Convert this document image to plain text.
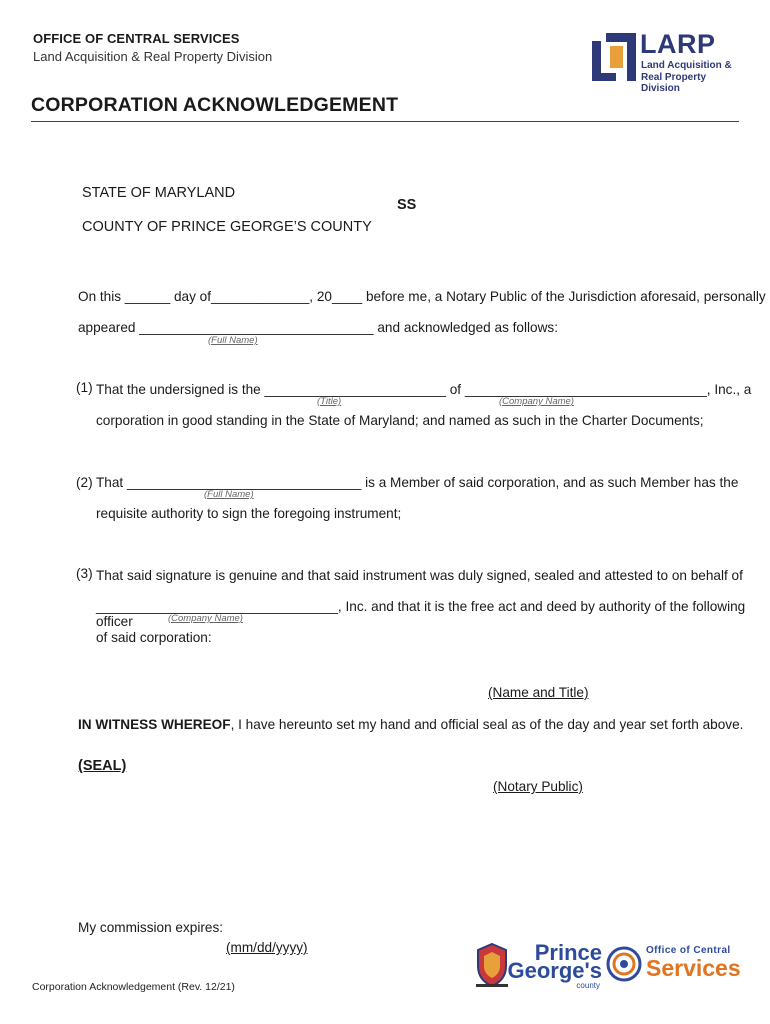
OFFICE OF CENTRAL SERVICES
Land Acquisition & Real Property Division	LARP
Land Acquisition &
Real Property Division
CORPORATION ACKNOWLEDGEMENT
STATE OF MARYLAND
SS
COUNTY OF PRINCE GEORGE’S COUNTY
On this ______ day of_____________, 20____ before me, a Notary Public of the Jurisdiction aforesaid, personally
appeared _______________________________ and acknowledged as follows:
(Full Name)
(1) That the undersigned is the ________________________ of ________________________________, Inc., a
(Title)	(Company Name)
corporation in good standing in the State of Maryland; and named as such in the Charter Documents;
(2) That _______________________________ is a Member of said corporation, and as such Member has the
(Full Name)
requisite authority to sign the foregoing instrument;
(3) That said signature is genuine and that said instrument was duly signed, sealed and attested to on behalf of
________________________________, Inc. and that it is the free act and deed by authority of the following officer	(Company Name)
of said corporation:
(Name and Title)
IN WITNESS WHEREOF, I have hereunto set my hand and official seal as of the day and year set forth above.
(SEAL)
(Notary Public)
My commission expires:
(mm/dd/yyyy)
Corporation Acknowledgement (Rev. 12/21)
Prince
George's
county
Office of Central
Services
